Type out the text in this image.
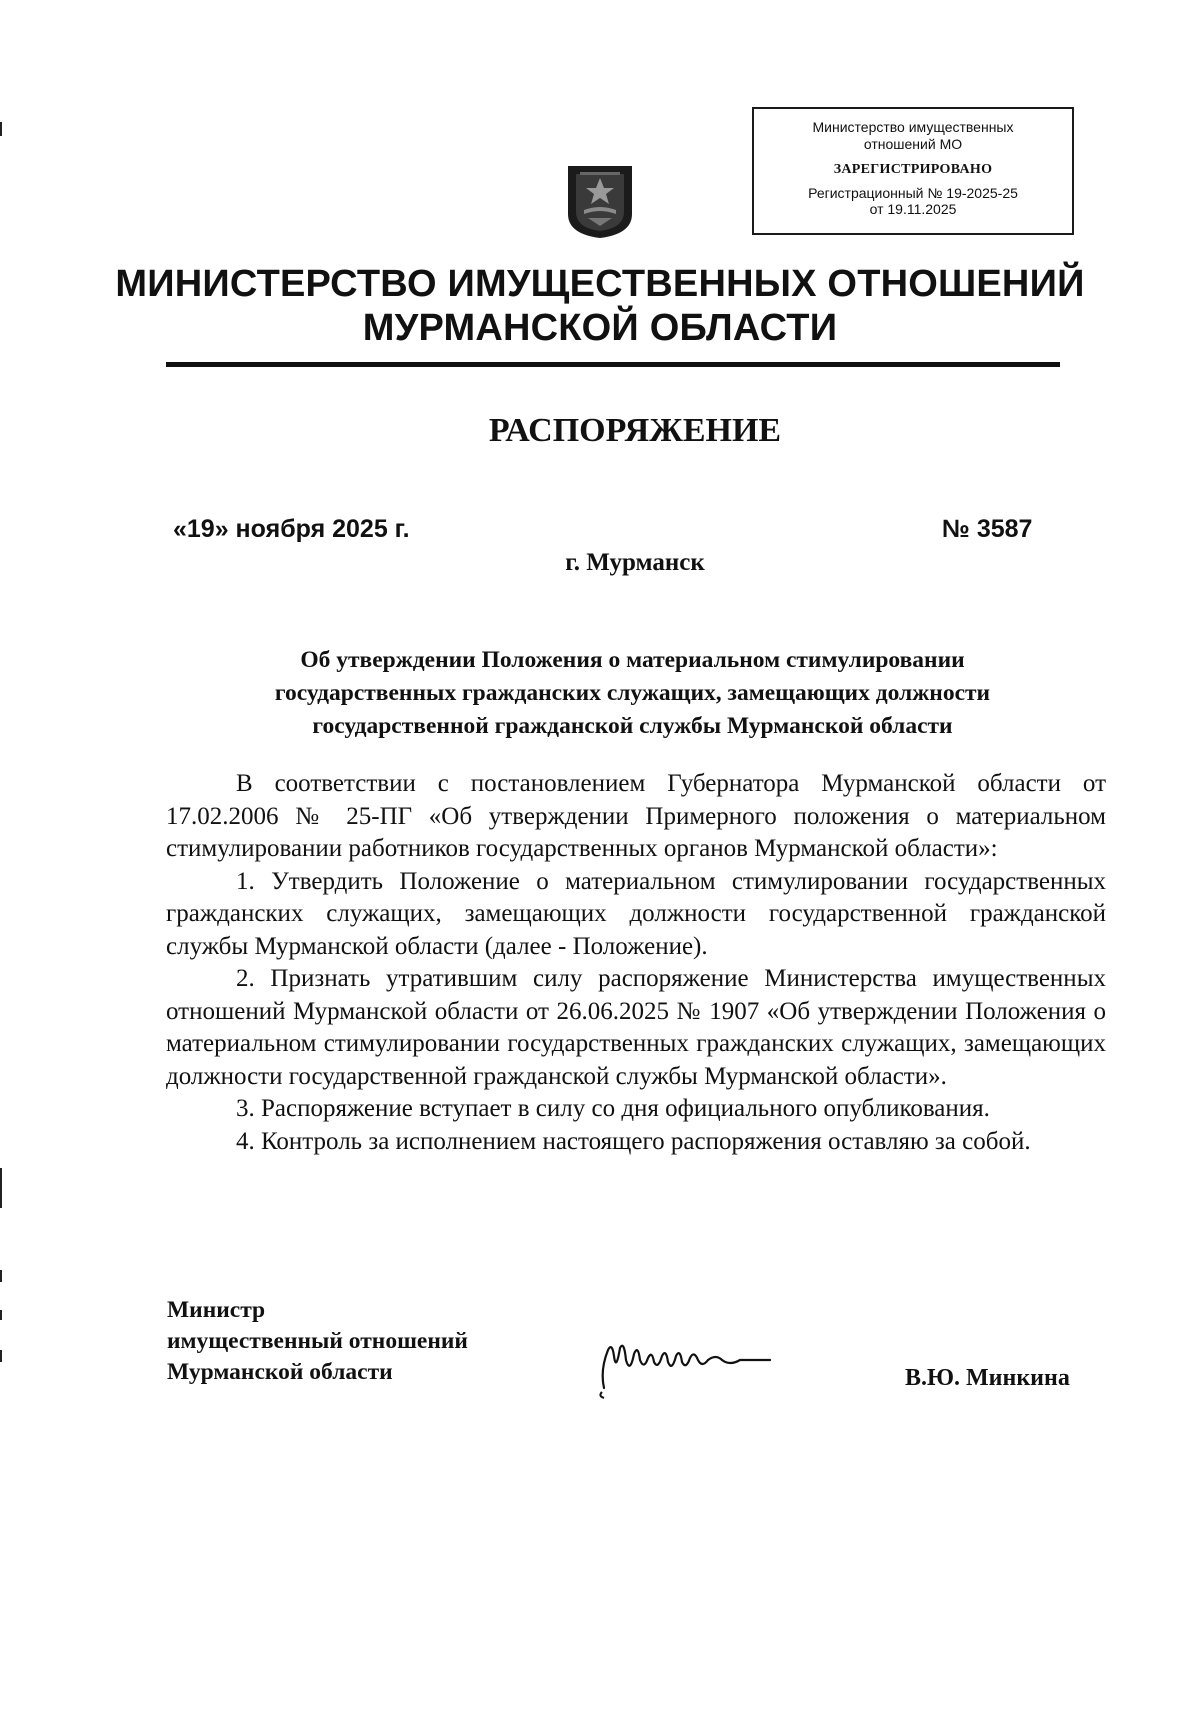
Министерство имущественных
отношений МО
ЗАРЕГИСТРИРОВАНО
Регистрационный № 19-2025-25
от 19.11.2025
МИНИСТЕРСТВО ИМУЩЕСТВЕННЫХ ОТНОШЕНИЙ
МУРМАНСКОЙ ОБЛАСТИ
РАСПОРЯЖЕНИЕ
«19» ноября 2025 г.	№ 3587
г. Мурманск
Об утверждении Положения о материальном стимулировании
государственных гражданских служащих, замещающих должности
государственной гражданской службы Мурманской области

В соответствии с постановлением Губернатора Мурманской области от 17.02.2006 № 25-ПГ «Об утверждении Примерного положения о материальном стимулировании работников государственных органов Мурманской области»:

1. Утвердить Положение о материальном стимулировании государственных гражданских служащих, замещающих должности государственной гражданской службы Мурманской области (далее - Положение).

2. Признать утратившим силу распоряжение Министерства имущественных отношений Мурманской области от 26.06.2025 № 1907 «Об утверждении Положения о материальном стимулировании государственных гражданских служащих, замещающих должности государственной гражданской службы Мурманской области».

3. Распоряжение вступает в силу со дня официального опубликования.

4. Контроль за исполнением настоящего распоряжения оставляю за собой.

Министр
имущественный отношений
Мурманской области	В.Ю. Минкина
